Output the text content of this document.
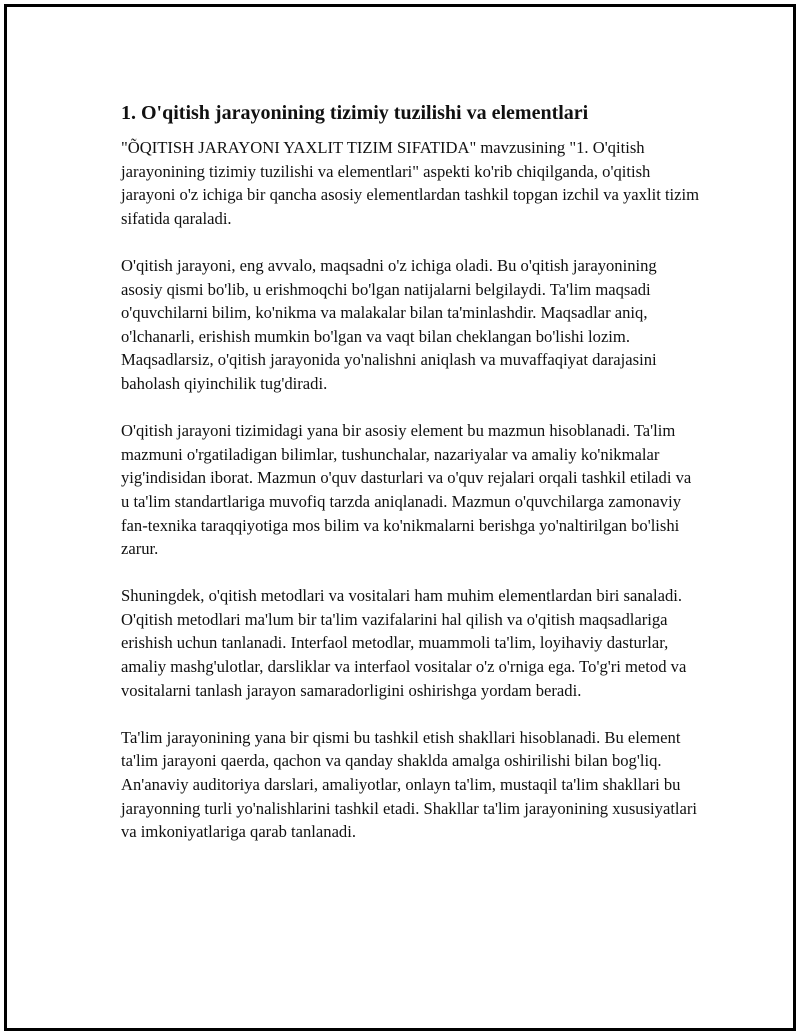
1. O'qitish jarayonining tizimiy tuzilishi va elementlari

"ÕQITISH JARAYONI YAXLIT TIZIM SIFATIDA" mavzusining "1. O'qitish jarayonining tizimiy tuzilishi va elementlari" aspekti ko'rib chiqilganda, o'qitish jarayoni o'z ichiga bir qancha asosiy elementlardan tashkil topgan izchil va yaxlit tizim sifatida qaraladi.

O'qitish jarayoni, eng avvalo, maqsadni o'z ichiga oladi. Bu o'qitish jarayonining asosiy qismi bo'lib, u erishmoqchi bo'lgan natijalarni belgilaydi. Ta'lim maqsadi o'quvchilarni bilim, ko'nikma va malakalar bilan ta'minlashdir. Maqsadlar aniq, o'lchanarli, erishish mumkin bo'lgan va vaqt bilan cheklangan bo'lishi lozim. Maqsadlarsiz, o'qitish jarayonida yo'nalishni aniqlash va muvaffaqiyat darajasini baholash qiyinchilik tug'diradi.

O'qitish jarayoni tizimidagi yana bir asosiy element bu mazmun hisoblanadi. Ta'lim mazmuni o'rgatiladigan bilimlar, tushunchalar, nazariyalar va amaliy ko'nikmalar yig'indisidan iborat. Mazmun o'quv dasturlari va o'quv rejalari orqali tashkil etiladi va u ta'lim standartlariga muvofiq tarzda aniqlanadi. Mazmun o'quvchilarga zamonaviy fan-texnika taraqqiyotiga mos bilim va ko'nikmalarni berishga yo'naltirilgan bo'lishi zarur.

Shuningdek, o'qitish metodlari va vositalari ham muhim elementlardan biri sanaladi. O'qitish metodlari ma'lum bir ta'lim vazifalarini hal qilish va o'qitish maqsadlariga erishish uchun tanlanadi. Interfaol metodlar, muammoli ta'lim, loyihaviy dasturlar, amaliy mashg'ulotlar, darsliklar va interfaol vositalar o'z o'rniga ega. To'g'ri metod va vositalarni tanlash jarayon samaradorligini oshirishga yordam beradi.

Ta'lim jarayonining yana bir qismi bu tashkil etish shakllari hisoblanadi. Bu element ta'lim jarayoni qaerda, qachon va qanday shaklda amalga oshirilishi bilan bog'liq. An'anaviy auditoriya darslari, amaliyotlar, onlayn ta'lim, mustaqil ta'lim shakllari bu jarayonning turli yo'nalishlarini tashkil etadi. Shakllar ta'lim jarayonining xususiyatlari va imkoniyatlariga qarab tanlanadi.
